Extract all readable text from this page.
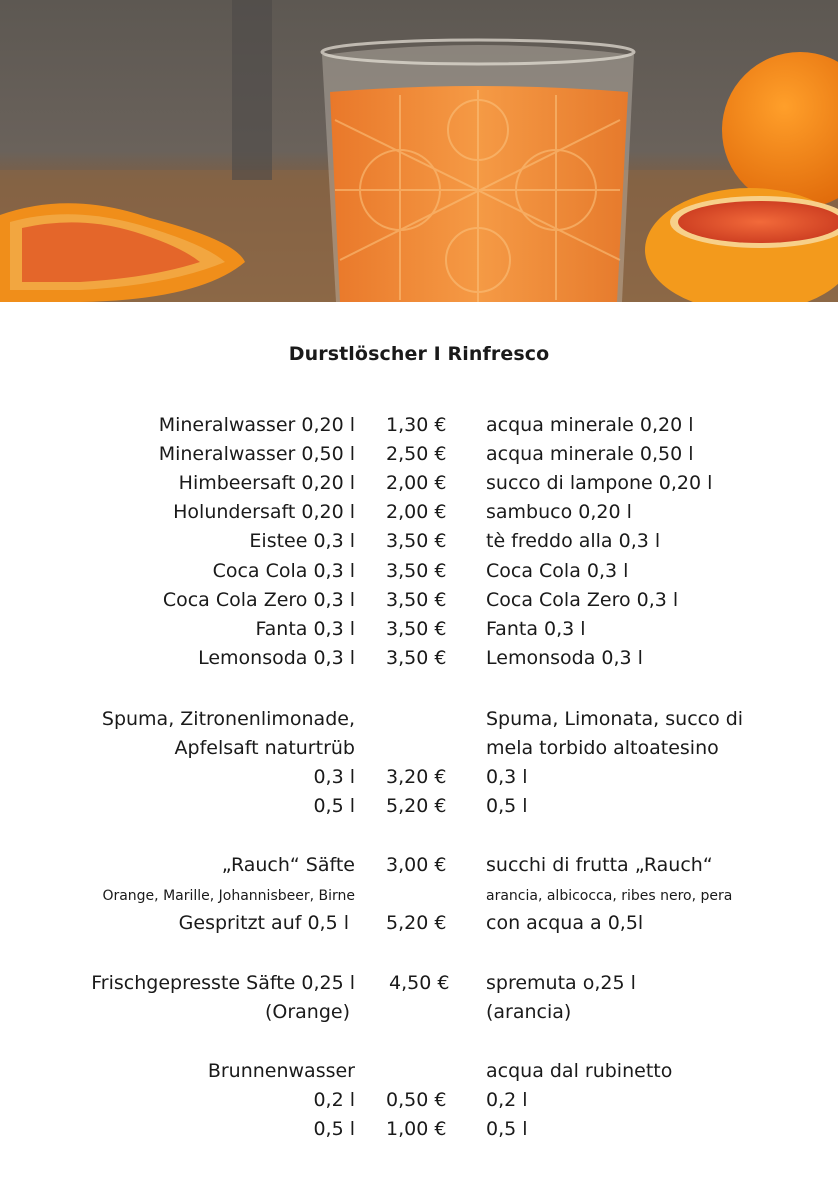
Durstlöscher I Rinfresco
Mineralwasser 0,20 l 1,30 € acqua minerale 0,20 l
Mineralwasser 0,50 l 2,50 € acqua minerale 0,50 l
Himbeersaft 0,20 l 2,00 € succo di lampone 0,20 l
Holundersaft 0,20 l 2,00 € sambuco 0,20 l
Eistee 0,3 l 3,50 € tè freddo alla 0,3 l
Coca Cola 0,3 l 3,50 € Coca Cola 0,3 l
Coca Cola Zero 0,3 l 3,50 € Coca Cola Zero 0,3 l
Fanta 0,3 l 3,50 € Fanta 0,3 l
Lemonsoda 0,3 l 3,50 € Lemonsoda 0,3 l
Spuma, Zitronenlimonade,	Spuma, Limonata, succo di
Apfelsaft naturtrüb	mela torbido altoatesino
0,3 l 3,20 € 0,3 l
0,5 l 5,20 € 0,5 l
„Rauch“ Säfte 3,00 € succhi di frutta „Rauch“
Orange, Marille, Johannisbeer, Birne	arancia, albicocca, ribes nero, pera
Gespritzt auf 0,5 l 5,20 € con acqua a 0,5l
Frischgepresste Säfte 0,25 l 4,50 € spremuta o,25 l
(Orange)	(arancia)
Brunnenwasser	acqua dal rubinetto
0,2 l 0,50 € 0,2 l
0,5 l 1,00 € 0,5 l
